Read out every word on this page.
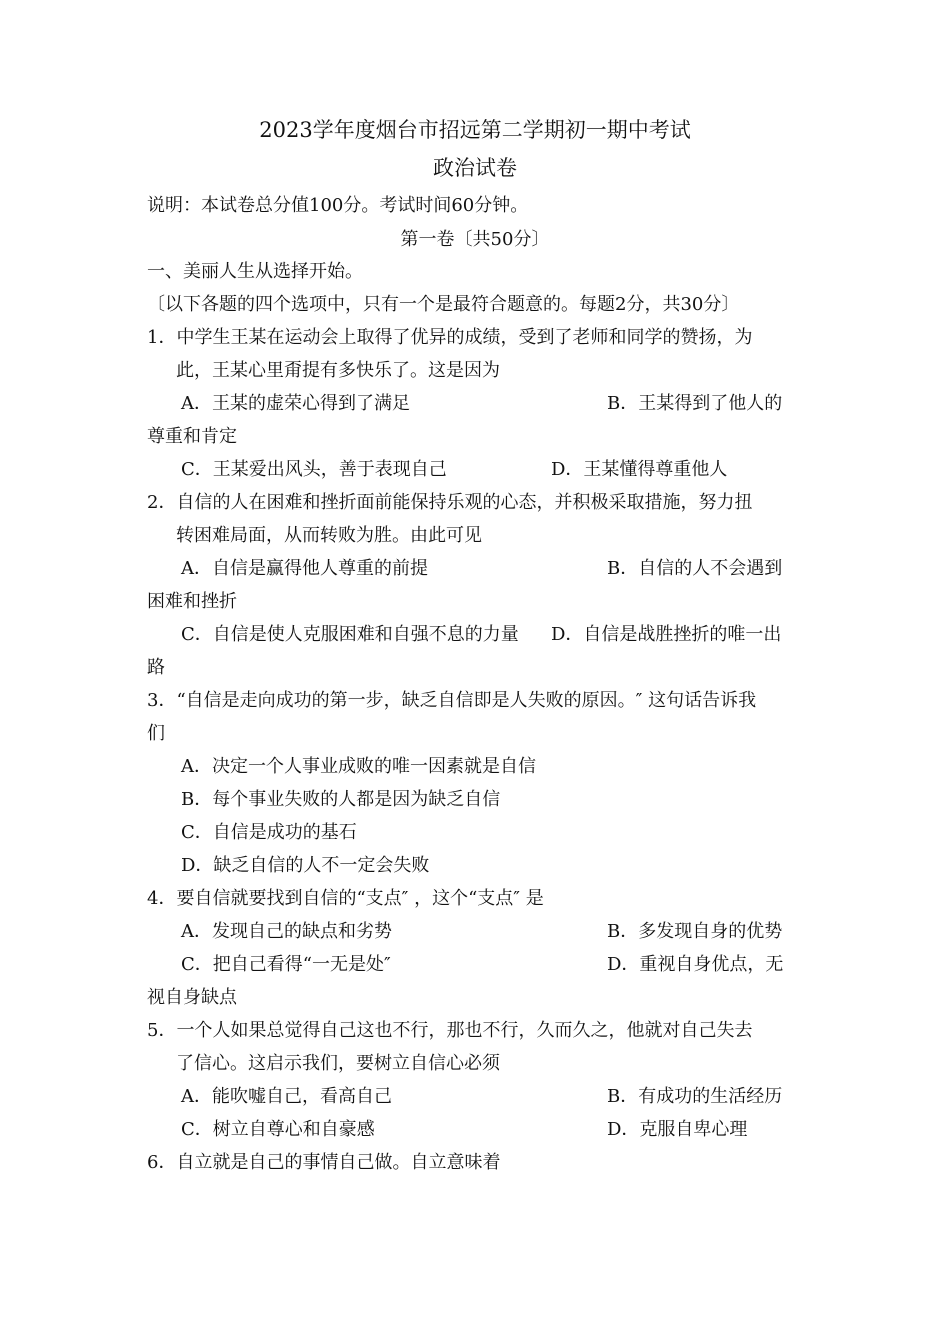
2023学年度烟台市招远第二学期初一期中考试
政治试卷
说明：本试卷总分值100分。考试时间60分钟。
第一卷〔共50分〕
一、美丽人生从选择开始。
〔以下各题的四个选项中，只有一个是最符合题意的。每题2分，共30分〕
1．中学生王某在运动会上取得了优异的成绩，受到了老师和同学的赞扬，为
此，王某心里甭提有多快乐了。这是因为
A．王某的虚荣心得到了满足	B．王某得到了他人的
尊重和肯定
C．王某爱出风头，善于表现自己	D．王某懂得尊重他人
2．自信的人在困难和挫折面前能保持乐观的心态，并积极采取措施，努力扭
转困难局面，从而转败为胜。由此可见
A．自信是赢得他人尊重的前提	B．自信的人不会遇到
困难和挫折
C．自信是使人克服困难和自强不息的力量 D．自信是战胜挫折的唯一出
路
3．“自信是走向成功的第一步，缺乏自信即是人失败的原因。″ 这句话告诉我
们
A．决定一个人事业成败的唯一因素就是自信
B．每个事业失败的人都是因为缺乏自信
C．自信是成功的基石
D．缺乏自信的人不一定会失败
4．要自信就要找到自信的“支点″ ，这个“支点″ 是
A．发现自己的缺点和劣势	B．多发现自身的优势
C．把自己看得“一无是处″	D．重视自身优点，无
视自身缺点
5．一个人如果总觉得自己这也不行，那也不行，久而久之，他就对自己失去
了信心。这启示我们，要树立自信心必须
A．能吹嘘自己，看高自己	B．有成功的生活经历
C．树立自尊心和自豪感	D．克服自卑心理
6．自立就是自己的事情自己做。自立意味着
